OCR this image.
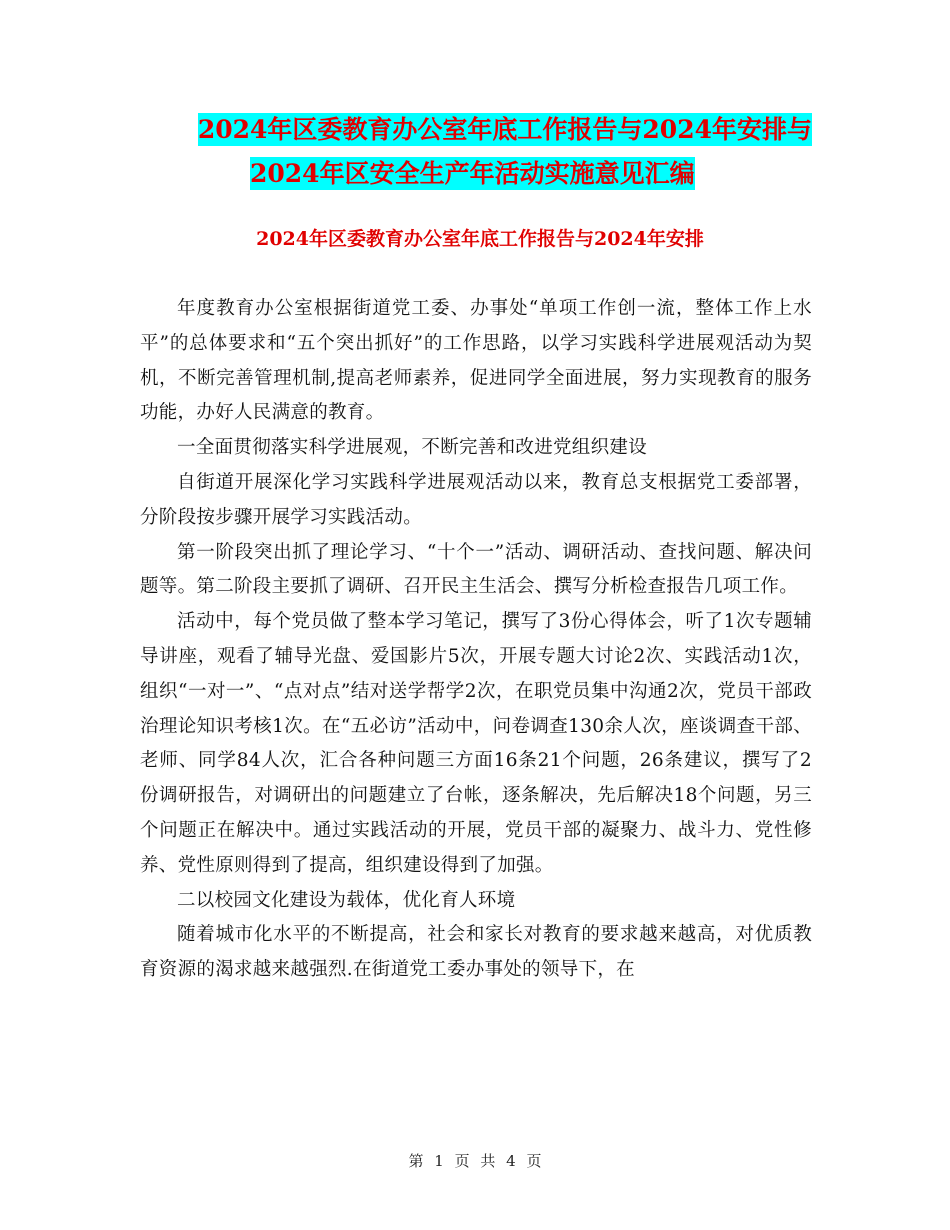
2024年区委教育办公室年底工作报告与2024年安排与
2024年区安全生产年活动实施意见汇编
2024年区委教育办公室年底工作报告与2024年安排

年度教育办公室根据街道党工委、办事处“单项工作创一流，整体工作上水平”的总体要求和“五个突出抓好”的工作思路，以学习实践科学进展观活动为契机，不断完善管理机制,提高老师素养，促进同学全面进展，努力实现教育的服务功能，办好人民满意的教育。

一全面贯彻落实科学进展观，不断完善和改进党组织建设

自街道开展深化学习实践科学进展观活动以来，教育总支根据党工委部署，分阶段按步骤开展学习实践活动。

第一阶段突出抓了理论学习、“十个一”活动、调研活动、查找问题、解决问题等。第二阶段主要抓了调研、召开民主生活会、撰写分析检查报告几项工作。

活动中，每个党员做了整本学习笔记，撰写了3份心得体会，听了1次专题辅导讲座，观看了辅导光盘、爱国影片5次，开展专题大讨论2次、实践活动1次，组织“一对一”、“点对点”结对送学帮学2次，在职党员集中沟通2次，党员干部政治理论知识考核1次。在“五必访”活动中，问卷调查130余人次，座谈调查干部、老师、同学84人次，汇合各种问题三方面16条21个问题，26条建议，撰写了2份调研报告，对调研出的问题建立了台帐，逐条解决，先后解决18个问题，另三个问题正在解决中。通过实践活动的开展，党员干部的凝聚力、战斗力、党性修养、党性原则得到了提高，组织建设得到了加强。

二以校园文化建设为载体，优化育人环境

随着城市化水平的不断提高，社会和家长对教育的要求越来越高，对优质教育资源的渴求越来越强烈.在街道党工委办事处的领导下，在

第 1 页 共 4 页
